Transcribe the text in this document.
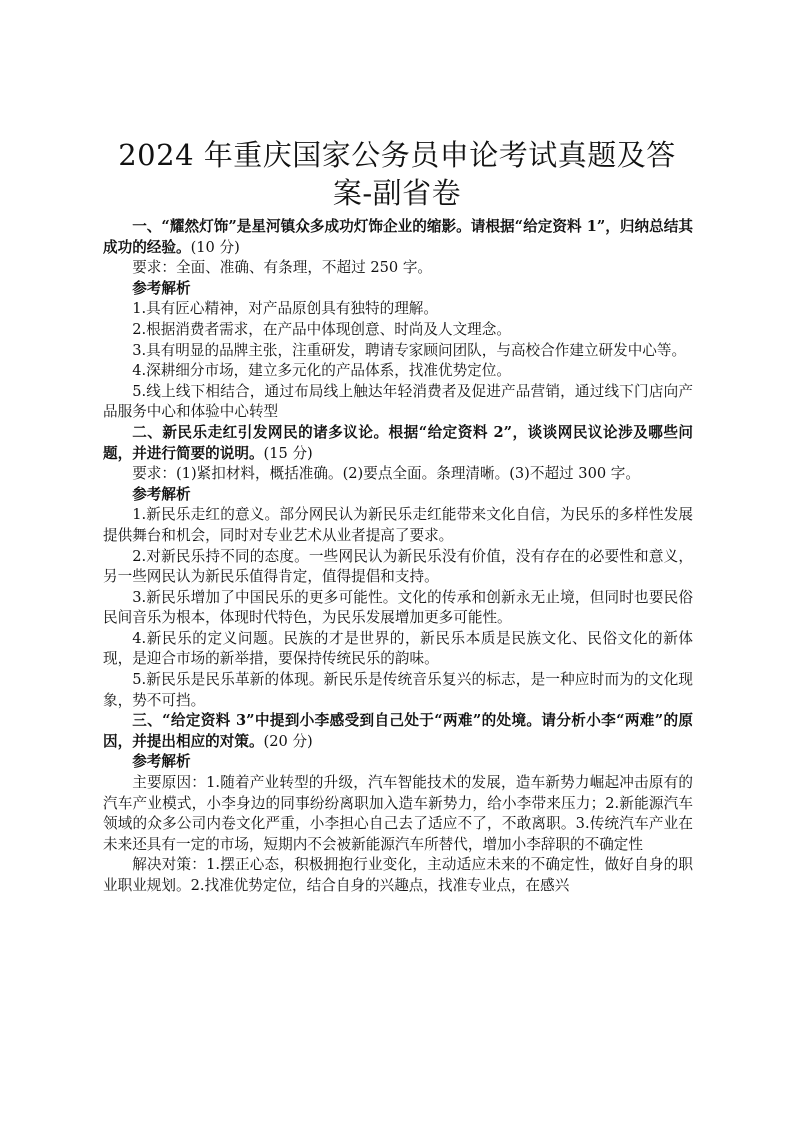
2024 年重庆国家公务员申论考试真题及答案-副省卷

一、“耀然灯饰”是星河镇众多成功灯饰企业的缩影。请根据“给定资料 1”，归纳总结其成功的经验。(10 分)

要求：全面、准确、有条理，不超过 250 字。

参考解析

1.具有匠心精神，对产品原创具有独特的理解。

2.根据消费者需求，在产品中体现创意、时尚及人文理念。

3.具有明显的品牌主张，注重研发，聘请专家顾问团队，与高校合作建立研发中心等。

4.深耕细分市场，建立多元化的产品体系，找准优势定位。

5.线上线下相结合，通过布局线上触达年轻消费者及促进产品营销，通过线下门店向产品服务中心和体验中心转型

二、新民乐走红引发网民的诸多议论。根据“给定资料 2”，谈谈网民议论涉及哪些问题，并进行简要的说明。(15 分)

要求：(1)紧扣材料，概括准确。(2)要点全面。条理清晰。(3)不超过 300 字。

参考解析

1.新民乐走红的意义。部分网民认为新民乐走红能带来文化自信，为民乐的多样性发展提供舞台和机会，同时对专业艺术从业者提高了要求。

2.对新民乐持不同的态度。一些网民认为新民乐没有价值，没有存在的必要性和意义，另一些网民认为新民乐值得肯定，值得提倡和支持。

3.新民乐增加了中国民乐的更多可能性。文化的传承和创新永无止境，但同时也要民俗民间音乐为根本，体现时代特色，为民乐发展增加更多可能性。

4.新民乐的定义问题。民族的才是世界的，新民乐本质是民族文化、民俗文化的新体现，是迎合市场的新举措，要保持传统民乐的韵味。

5.新民乐是民乐革新的体现。新民乐是传统音乐复兴的标志，是一种应时而为的文化现象，势不可挡。

三、“给定资料 3”中提到小李感受到自己处于“两难”的处境。请分析小李“两难”的原因，并提出相应的对策。(20 分)

参考解析

主要原因：1.随着产业转型的升级，汽车智能技术的发展，造车新势力崛起冲击原有的汽车产业模式，小李身边的同事纷纷离职加入造车新势力，给小李带来压力；2.新能源汽车领域的众多公司内卷文化严重，小李担心自己去了适应不了，不敢离职。3.传统汽车产业在未来还具有一定的市场，短期内不会被新能源汽车所替代，增加小李辞职的不确定性

解决对策：1.摆正心态，积极拥抱行业变化，主动适应未来的不确定性，做好自身的职业职业规划。2.找准优势定位，结合自身的兴趣点，找准专业点，在感兴
